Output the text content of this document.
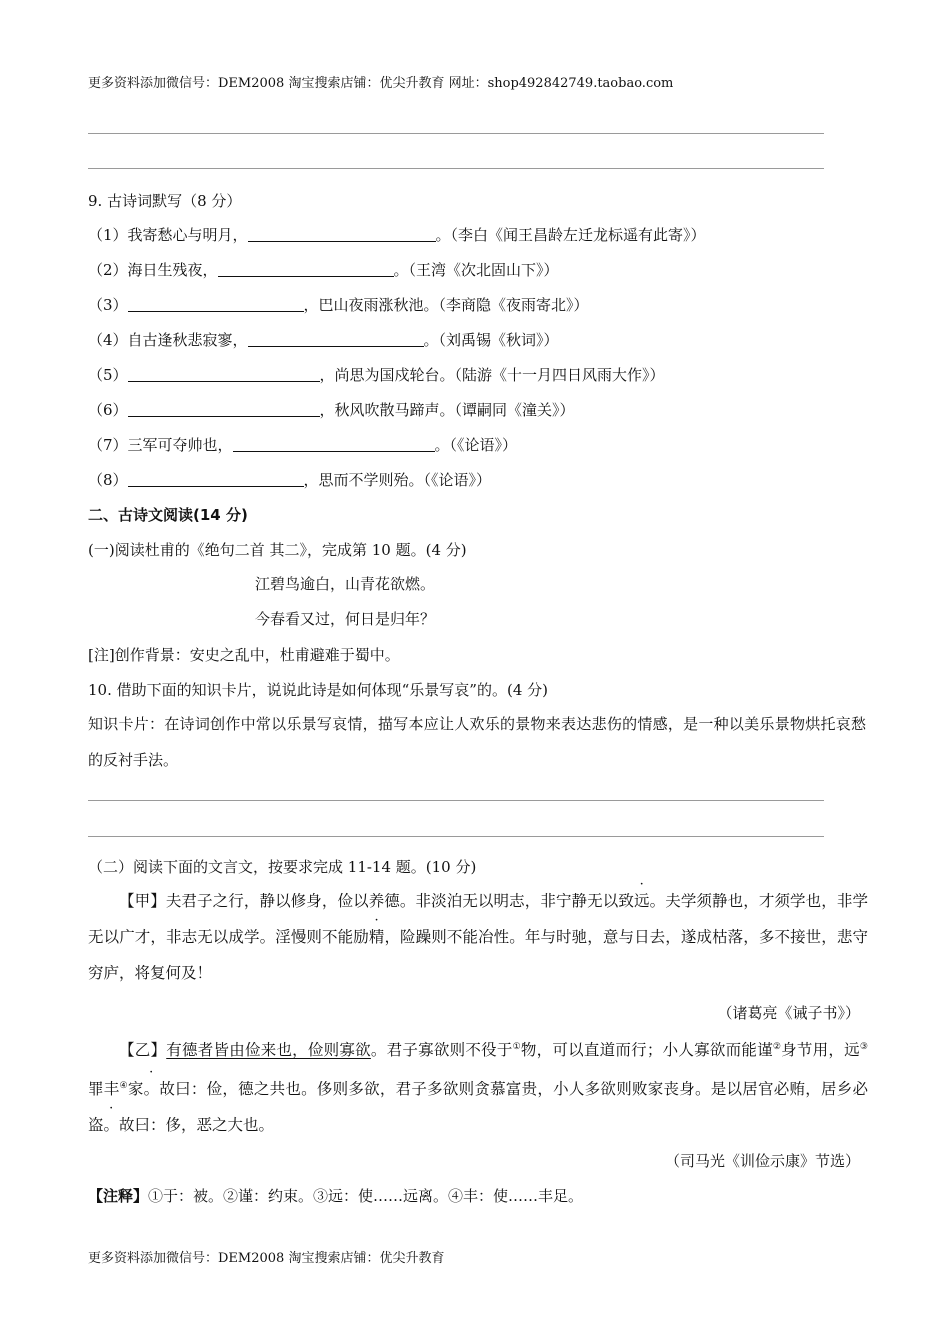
更多资料添加微信号：DEM2008 淘宝搜索店铺：优尖升教育 网址：shop492842749.taobao.com
9. 古诗词默写（8 分）
（1）我寄愁心与明月，	。（李白《闻王昌龄左迁龙标遥有此寄》）
（2）海日生残夜，	。（王湾《次北固山下》）
（3）	，巴山夜雨涨秋池。（李商隐《夜雨寄北》）
（4）自古逢秋悲寂寥，	。（刘禹锡《秋词》）
（5）	，尚思为国戍轮台。（陆游《十一月四日风雨大作》）
（6）	，秋风吹散马蹄声。（谭嗣同《潼关》）
（7）三军可夺帅也，	。（《论语》）
（8）	，思而不学则殆。（《论语》）
二、古诗文阅读(14 分)
(一)阅读杜甫的《绝句二首 其二》，完成第 10 题。(4 分)
江碧鸟逾白，山青花欲燃。
今春看又过，何日是归年？
[注]创作背景：安史之乱中，杜甫避难于蜀中。
10. 借助下面的知识卡片，说说此诗是如何体现“乐景写哀”的。(4 分)
知识卡片：在诗词创作中常以乐景写哀情，描写本应让人欢乐的景物来表达悲伤的情感，是一种以美乐景物烘托哀愁的反衬手法。
（二）阅读下面的文言文，按要求完成 11-14 题。(10 分)

【甲】夫君子之行，静以修身，俭以养德。非淡泊无以明志，非宁静无以致远。夫学须静也，才须学也，非学无以广才，非志无以成学。淫慢则不能励精，险躁则不能冶性。年与时驰，意与日去，遂成枯落，多不接世，悲守穷庐，将复何及！

（诸葛亮《诫子书》）

【乙】有德者皆由俭来也，俭则寡欲。君子寡欲则不役于①物，可以直道而行；小人寡欲而能谨②身节用，远③罪丰④家。故曰：俭，德之共也。侈则多欲，君子多欲则贪慕富贵，小人多欲则败家丧身。是以居官必贿，居乡必盗。故曰：侈，恶之大也。

（司马光《训俭示康》节选）
【注释】①于：被。②谨：约束。③远：使……远离。④丰：使……丰足。
更多资料添加微信号：DEM2008 淘宝搜索店铺：优尖升教育
